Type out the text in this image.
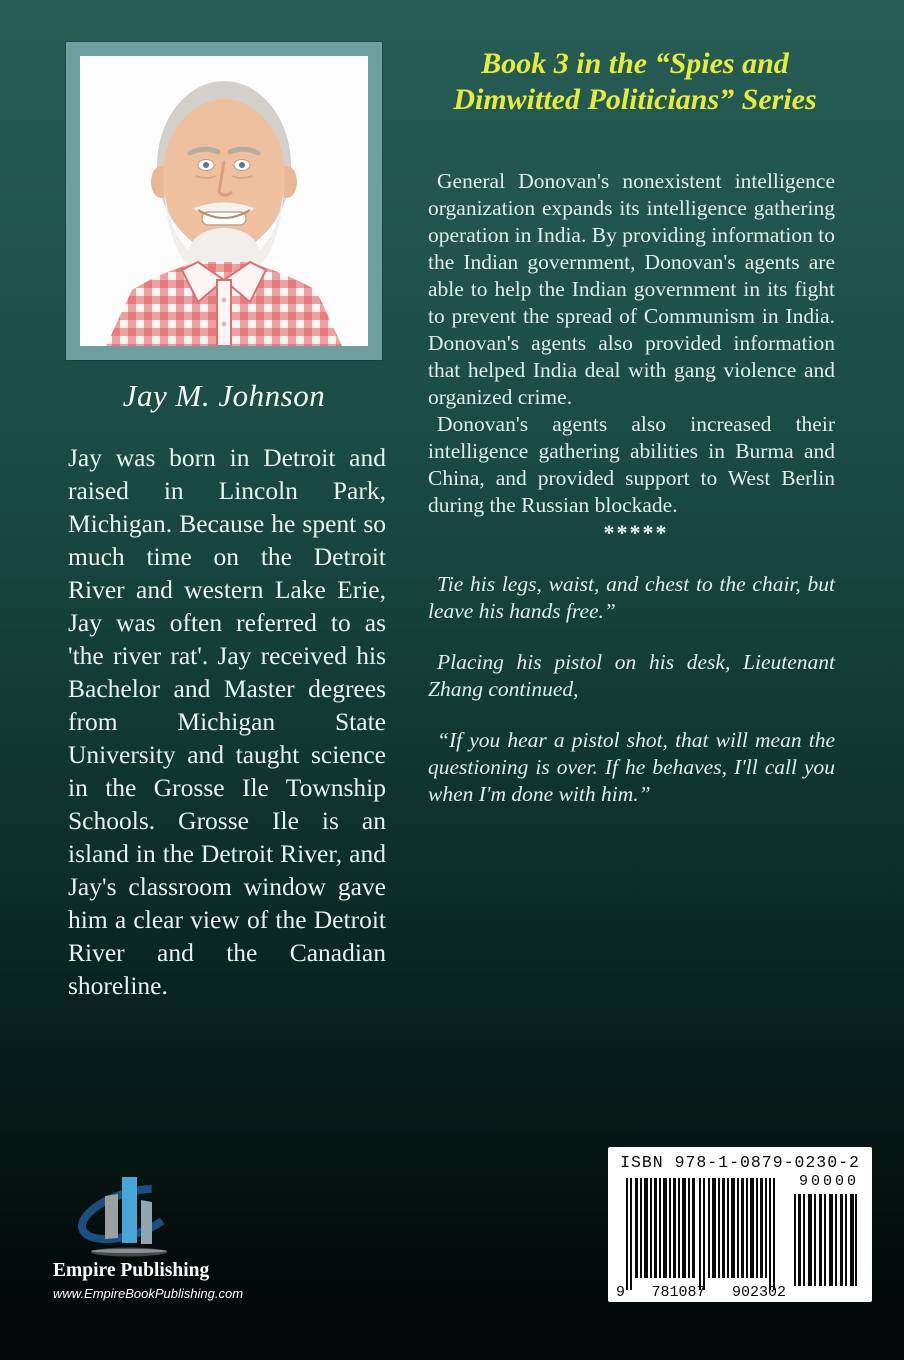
Jay M. Johnson
Jay was born in Detroit and raised in Lincoln Park, Michigan. Because he spent so much time on the Detroit River and western Lake Erie, Jay was often referred to as 'the river rat'. Jay received his Bachelor and Master degrees from Michigan State University and taught science in the Grosse Ile Township Schools. Grosse Ile is an island in the Detroit River, and Jay's classroom window gave him a clear view of the Detroit River and the Canadian shoreline.
Book 3 in the “Spies and Dimwitted Politicians” Series

General Donovan's nonexistent intelligence organization expands its intelligence gathering operation in India. By providing information to the Indian government, Donovan's agents are able to help the Indian government in its fight to prevent the spread of Communism in India. Donovan's agents also provided information that helped India deal with gang violence and organized crime.

Donovan's agents also increased their intelligence gathering abilities in Burma and China, and provided support to West Berlin during the Russian blockade.

*****

Tie his legs, waist, and chest to the chair, but leave his hands free.”

Placing his pistol on his desk, Lieutenant Zhang continued,

“If you hear a pistol shot, that will mean the questioning is over. If he behaves, I'll call you when I'm done with him.”

Empire Publishing
www.EmpireBookPublishing.com
ISBN 978-1-0879-0230-2
90000
9 781087 902302
